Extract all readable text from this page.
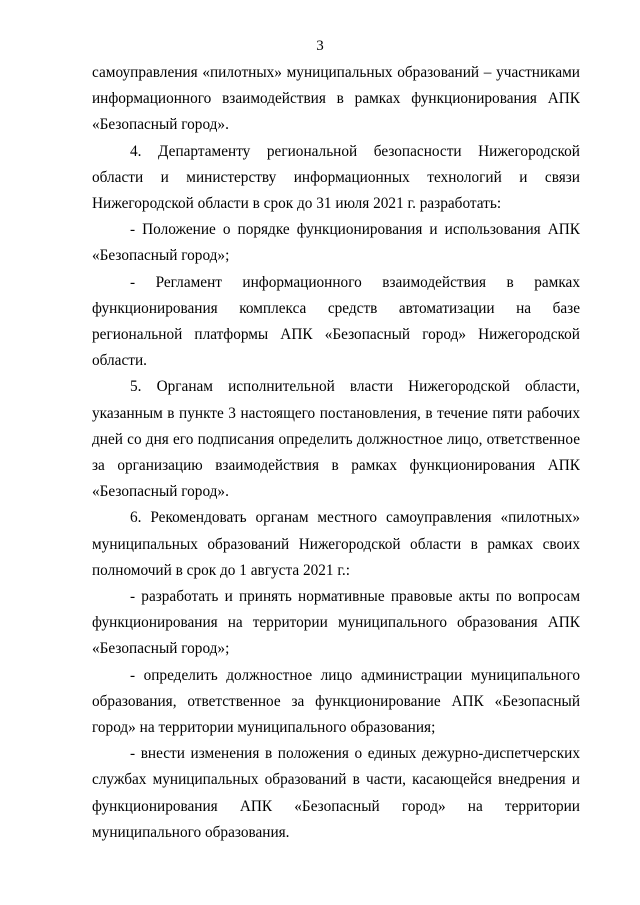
3

самоуправления «пилотных» муниципальных образований – участниками информационного взаимодействия в рамках функционирования АПК «Безопасный город».

4. Департаменту региональной безопасности Нижегородской области и министерству информационных технологий и связи Нижегородской области в срок до 31 июля 2021 г. разработать:

- Положение о порядке функционирования и использования АПК «Безопасный город»;

- Регламент информационного взаимодействия в рамках функционирования комплекса средств автоматизации на базе региональной платформы АПК «Безопасный город» Нижегородской области.

5. Органам исполнительной власти Нижегородской области, указанным в пункте 3 настоящего постановления, в течение пяти рабочих дней со дня его подписания определить должностное лицо, ответственное за организацию взаимодействия в рамках функционирования АПК «Безопасный город».

6. Рекомендовать органам местного самоуправления «пилотных» муниципальных образований Нижегородской области в рамках своих полномочий в срок до 1 августа 2021 г.:

- разработать и принять нормативные правовые акты по вопросам функционирования на территории муниципального образования АПК «Безопасный город»;

- определить должностное лицо администрации муниципального образования, ответственное за функционирование АПК «Безопасный город» на территории муниципального образования;

- внести изменения в положения о единых дежурно-диспетчерских службах муниципальных образований в части, касающейся внедрения и функционирования АПК «Безопасный город» на территории муниципального образования.
